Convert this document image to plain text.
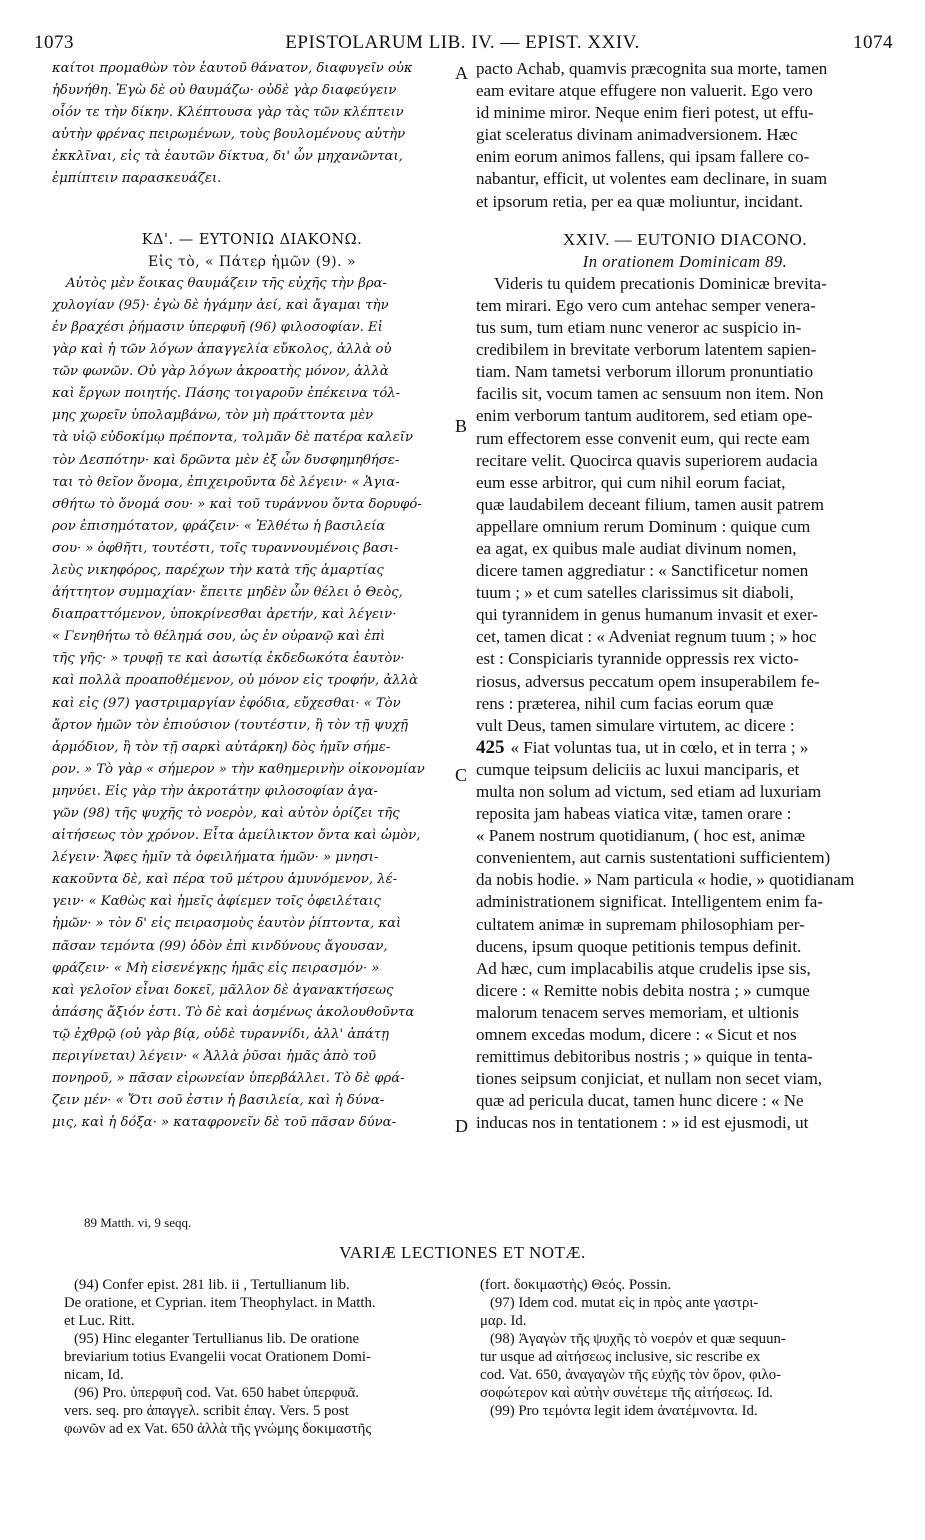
1073	EPISTOLARUM LIB. IV. — EPIST. XXIV.	1074
καίτοι προμαθὼν τὸν ἑαυτοῦ θάνατον, διαφυγεῖν οὐκ
ἠδυνήθη. Ἐγὼ δὲ οὐ θαυμάζω· οὐδὲ γὰρ διαφεύγειν
οἷόν τε τὴν δίκην. Κλέπτουσα γὰρ τὰς τῶν κλέπτειν
αὐτὴν φρένας πειρωμένων, τοὺς βουλομένους αὐτὴν
ἐκκλῖναι, εἰς τὰ ἑαυτῶν δίκτυα, δι' ὧν μηχανῶνται,
ἐμπίπτειν παρασκευάζει.
ΚΔ'. — ΕΥΤΟΝΙΩ ΔΙΑΚΟΝΩ.
Εἰς τὸ, « Πάτερ ἡμῶν (9). »
Αὐτὸς μὲν ἔοικας θαυμάζειν τῆς εὐχῆς τὴν βρα-
χυλογίαν (95)· ἐγὼ δὲ ἡγάμην ἀεί, καὶ ἄγαμαι τὴν
ἐν βραχέσι ῥήμασιν ὑπερφυῆ (96) φιλοσοφίαν. Εἰ
γὰρ καὶ ἡ τῶν λόγων ἀπαγγελία εὔκολος, ἀλλὰ οὐ
τῶν φωνῶν. Οὐ γὰρ λόγων ἀκροατὴς μόνον, ἀλλὰ
καὶ ἔργων ποιητής. Πάσης τοιγαροῦν ἐπέκεινα τόλ-
μης χωρεῖν ὑπολαμβάνω, τὸν μὴ πράττοντα μὲν
τὰ υἱῷ εὐδοκίμῳ πρέποντα, τολμᾶν δὲ πατέρα καλεῖν
τὸν Δεσπότην· καὶ δρῶντα μὲν ἐξ ὧν δυσφημηθήσε-
ται τὸ θεῖον ὄνομα, ἐπιχειροῦντα δὲ λέγειν· « Ἁγια-
σθήτω τὸ ὄνομά σου· » καὶ τοῦ τυράννου ὄντα δορυφό-
ρον ἐπισημότατον, φράζειν· « Ἐλθέτω ἡ βασιλεία
σου· » ὀφθῆτι, τουτέστι, τοῖς τυραννουμένοις βασι-
λεὺς νικηφόρος, παρέχων τὴν κατὰ τῆς ἁμαρτίας
ἀήττητον συμμαχίαν· ἔπειτε μηδὲν ὧν θέλει ὁ Θεὸς,
διαπραττόμενον, ὑποκρίνεσθαι ἀρετήν, καὶ λέγειν·
« Γενηθήτω τὸ θέλημά σου, ὡς ἐν οὐρανῷ καὶ ἐπὶ
τῆς γῆς· » τρυφῇ τε καὶ ἀσωτίᾳ ἐκδεδωκότα ἑαυτὸν·
καὶ πολλὰ προαποθέμενον, οὐ μόνον εἰς τροφήν, ἀλλὰ
καὶ εἰς (97) γαστριμαργίαν ἐφόδια, εὔχεσθαι· « Τὸν
ἄρτον ἡμῶν τὸν ἐπιούσιον (τουτέστιν, ἢ τὸν τῇ ψυχῇ
ἁρμόδιον, ἢ τὸν τῇ σαρκὶ αὐτάρκη) δὸς ἡμῖν σήμε-
ρον. » Τὸ γὰρ « σήμερον » τὴν καθημερινὴν οἰκονομίαν
μηνύει. Εἰς γὰρ τὴν ἀκροτάτην φιλοσοφίαν ἀγα-
γῶν (98) τῆς ψυχῆς τὸ νοερὸν, καὶ αὐτὸν ὁρίζει τῆς
αἰτήσεως τὸν χρόνον. Εἶτα ἀμείλικτον ὄντα καὶ ὠμὸν,
λέγειν· Ἄφες ἡμῖν τὰ ὀφειλήματα ἡμῶν· » μνησι-
κακοῦντα δὲ, καὶ πέρα τοῦ μέτρου ἀμυνόμενον, λέ-
γειν· « Καθὼς καὶ ἡμεῖς ἀφίεμεν τοῖς ὀφειλέταις
ἡμῶν· » τὸν δ' εἰς πειρασμοὺς ἑαυτὸν ῥίπτοντα, καὶ
πᾶσαν τεμόντα (99) ὁδὸν ἐπὶ κινδύνους ἄγουσαν,
φράζειν· « Μὴ εἰσενέγκῃς ἡμᾶς εἰς πειρασμόν· »
καὶ γελοῖον εἶναι δοκεῖ, μᾶλλον δὲ ἀγανακτήσεως
ἁπάσης ἄξιόν ἐστι. Τὸ δὲ καὶ ἀσμένως ἀκολουθοῦντα
τῷ ἐχθρῷ (οὐ γὰρ βίᾳ, οὐδὲ τυραννίδι, ἀλλ' ἀπάτῃ
περιγίνεται) λέγειν· « Ἀλλὰ ῥῦσαι ἡμᾶς ἀπὸ τοῦ
πονηροῦ, » πᾶσαν εἰρωνείαν ὑπερβάλλει. Τὸ δὲ φρά-
ζειν μέν· « Ὅτι σοῦ ἐστιν ἡ βασιλεία, καὶ ἡ δύνα-
μις, καὶ ἡ δόξα· » καταφρονεῖν δὲ τοῦ πᾶσαν δύνα-
A
B
C
D
pacto Achab, quamvis præcognita sua morte, tamen
eam evitare atque effugere non valuerit. Ego vero
id minime miror. Neque enim fieri potest, ut effu-
giat sceleratus divinam animadversionem. Hæc
enim eorum animos fallens, qui ipsam fallere co-
nabantur, efficit, ut volentes eam declinare, in suam
et ipsorum retia, per ea quæ moliuntur, incidant.
XXIV. — EUTONIO DIACONO.
In orationem Dominicam 89.
Videris tu quidem precationis Dominicæ brevita-
tem mirari. Ego vero cum antehac semper venera-
tus sum, tum etiam nunc veneror ac suspicio in-
credibilem in brevitate verborum latentem sapien-
tiam. Nam tametsi verborum illorum pronuntiatio
facilis sit, vocum tamen ac sensuum non item. Non
enim verborum tantum auditorem, sed etiam ope-
rum effectorem esse convenit eum, qui recte eam
recitare velit. Quocirca quavis superiorem audacia
eum esse arbitror, qui cum nihil eorum faciat,
quæ laudabilem deceant filium, tamen ausit patrem
appellare omnium rerum Dominum : quique cum
ea agat, ex quibus male audiat divinum nomen,
dicere tamen aggrediatur : « Sanctificetur nomen
tuum ; » et cum satelles clarissimus sit diaboli,
qui tyrannidem in genus humanum invasit et exer-
cet, tamen dicat : « Adveniat regnum tuum ; » hoc
est : Conspiciaris tyrannide oppressis rex victo-
riosus, adversus peccatum opem insuperabilem fe-
rens : præterea, nihil cum facias eorum quæ
vult Deus, tamen simulare virtutem, ac dicere :
425 « Fiat voluntas tua, ut in cœlo, et in terra ; »
cumque teipsum deliciis ac luxui manciparis, et
multa non solum ad victum, sed etiam ad luxuriam
reposita jam habeas viatica vitæ, tamen orare :
« Panem nostrum quotidianum, ( hoc est, animæ
convenientem, aut carnis sustentationi sufficientem)
da nobis hodie. » Nam particula « hodie, » quotidianam
administrationem significat. Intelligentem enim fa-
cultatem animæ in supremam philosophiam per-
ducens, ipsum quoque petitionis tempus definit.
Ad hæc, cum implacabilis atque crudelis ipse sis,
dicere : « Remitte nobis debita nostra ; » cumque
malorum tenacem serves memoriam, et ultionis
omnem excedas modum, dicere : « Sicut et nos
remittimus debitoribus nostris ; » quique in tenta-
tiones seipsum conjiciat, et nullam non secet viam,
quæ ad pericula ducat, tamen hunc dicere : « Ne
inducas nos in tentationem : » id est ejusmodi, ut
89 Matth. vi, 9 seqq.
VARIÆ LECTIONES ET NOTÆ.
(94) Confer epist. 281 lib. ii , Tertullianum lib.
De oratione, et Cyprian. item Theophylact. in Matth.
et Luc. Ritt.
(95) Hinc eleganter Tertullianus lib. De oratione
breviarium totius Evangelii vocat Orationem Domi-
nicam, Id.
(96) Pro. ὑπερφυῆ cod. Vat. 650 habet ὑπερφυᾶ.
vers. seq. pro ἀπαγγελ. scribit ἐπαγ. Vers. 5 post
φωνῶν ad ex Vat. 650 ἀλλὰ τῆς γνώμης δοκιμαστῆς
(fort. δοκιμαστὴς) Θεός. Possin.
(97) Idem cod. mutat εἰς in πρὸς ante γαστρι-
μαρ. Id.
(98) Ἀγαγὼν τῆς ψυχῆς τὸ νοερόν et quæ sequun-
tur usque ad αἰτήσεως inclusive, sic rescribe ex
cod. Vat. 650, ἀναγαγὼν τῆς εὐχῆς τὸν ὅρον, φιλο-
σοφώτερον καὶ αὐτὴν συνέτεμε τῆς αἰτήσεως. Id.
(99) Pro τεμόντα legit idem ἀνατέμνοντα. Id.
